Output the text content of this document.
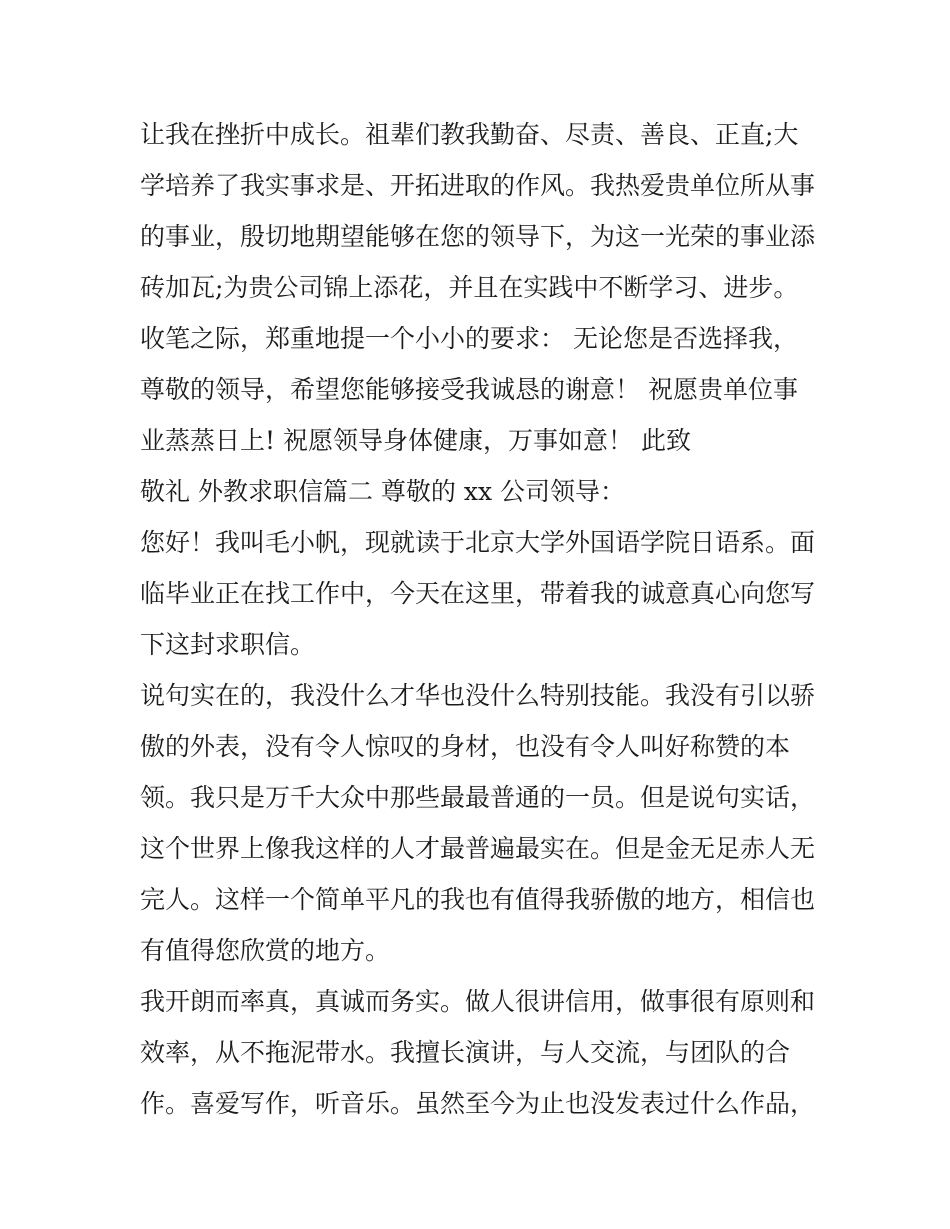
让我在挫折中成长。祖辈们教我勤奋、尽责、善良、正直;大
学培养了我实事求是、开拓进取的作风。我热爱贵单位所从事
的事业，殷切地期望能够在您的领导下，为这一光荣的事业添
砖加瓦;为贵公司锦上添花，并且在实践中不断学习、进步。
收笔之际，郑重地提一个小小的要求： 无论您是否选择我，
尊敬的领导，希望您能够接受我诚恳的谢意！ 祝愿贵单位事
业蒸蒸日上! 祝愿领导身体健康，万事如意！ 此致
敬礼 外教求职信篇二 尊敬的 xx 公司领导：
您好！我叫毛小帆，现就读于北京大学外国语学院日语系。面
临毕业正在找工作中，今天在这里，带着我的诚意真心向您写
下这封求职信。
说句实在的，我没什么才华也没什么特别技能。我没有引以骄
傲的外表，没有令人惊叹的身材，也没有令人叫好称赞的本
领。我只是万千大众中那些最最普通的一员。但是说句实话，
这个世界上像我这样的人才最普遍最实在。但是金无足赤人无
完人。这样一个简单平凡的我也有值得我骄傲的地方，相信也
有值得您欣赏的地方。
我开朗而率真，真诚而务实。做人很讲信用，做事很有原则和
效率，从不拖泥带水。我擅长演讲，与人交流，与团队的合
作。喜爱写作，听音乐。虽然至今为止也没发表过什么作品，
